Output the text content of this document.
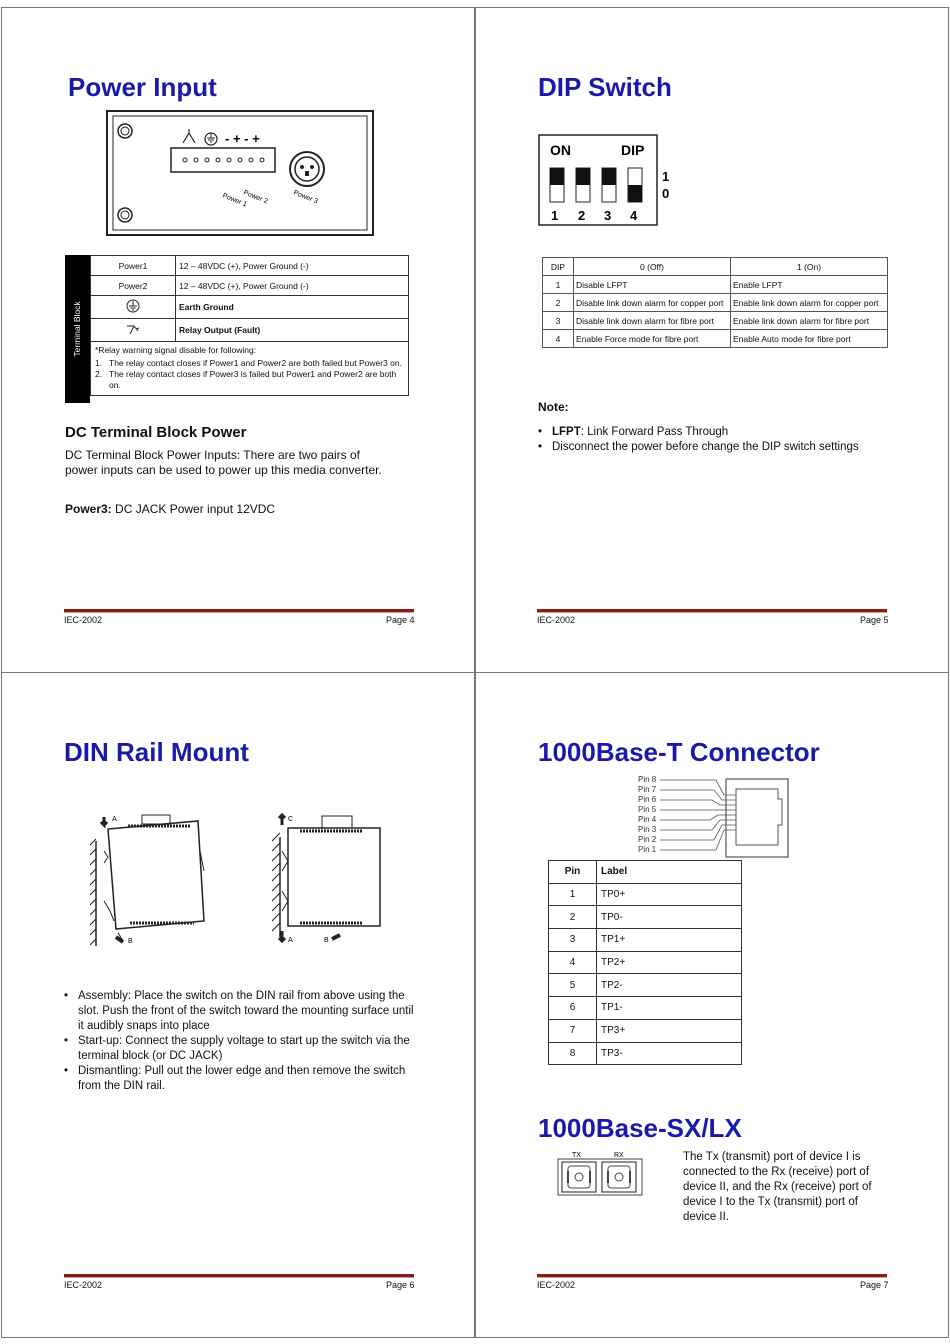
Power Input
- + - +
Power 1
Power 2	Power 3
Terminal Block
Power1	12 – 48VDC (+), Power Ground (-)
Power2	12 – 48VDC (+), Power Ground (-)
	Earth Ground
	Relay Output (Fault)

*Relay warning signal disable for following:
1. The relay contact closes if Power1 and Power2 are both failed but Power3 on.
2. The relay contact closes if Power3 is failed but Power1 and Power2 are both on.	
DC Terminal Block Power
DC Terminal Block Power Inputs: There are two pairs of power inputs can be used to power up this media converter.
Power3: DC JACK Power input 12VDC
IEC-2002	Page 4
DIP Switch
ON	DIP
1 2 3 4
1
0
DIP	0 (Off)	1 (On)
1	Disable LFPT	Enable LFPT
2	Disable link down alarm for copper port	Enable link down alarm for copper port
3	Disable link down alarm for fibre port	Enable link down alarm for fibre port
4	Enable Force mode for fibre port	Enable Auto mode for fibre port
Note:
• LFPT: Link Forward Pass Through
• Disconnect the power before change the DIP switch settings
IEC-2002	Page 5
DIN Rail Mount
A
B
C
A	B
• Assembly: Place the switch on the DIN rail from above using the slot. Push the front of the switch toward the mounting surface until it audibly snaps into place
• Start-up: Connect the supply voltage to start up the switch via the terminal block (or DC JACK)
• Dismantling: Pull out the lower edge and then remove the switch from the DIN rail.
IEC-2002	Page 6
1000Base-T Connector
Pin 8
Pin 7
Pin 6
Pin 5
Pin 4
Pin 3
Pin 2
Pin 1
Pin	Label
1	TP0+
2	TP0-
3	TP1+
4	TP2+
5	TP2-
6	TP1-
7	TP3+
8	TP3-
1000Base-SX/LX
TX	RX	The Tx (transmit) port of device I is connected to the Rx (receive) port of device II, and the Rx (receive) port of device I to the Tx (transmit) port of device II.
IEC-2002	Page 7
